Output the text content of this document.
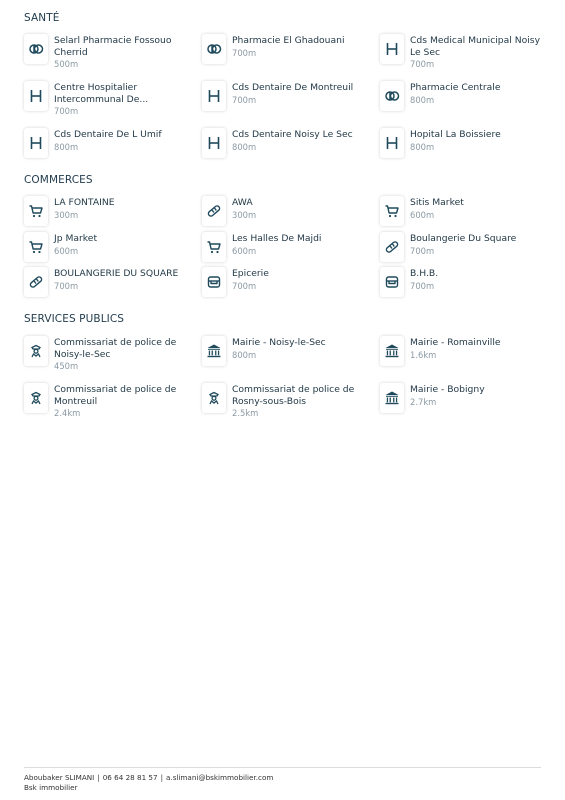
SANTÉ
Selarl Pharmacie Fossouo Cherrid
500m
Pharmacie El Ghadouani
700m
Cds Medical Municipal Noisy Le Sec
700m
Centre Hospitalier Intercommunal De...
700m
Cds Dentaire De Montreuil
700m
Pharmacie Centrale
800m
Cds Dentaire De L Umif
800m
Cds Dentaire Noisy Le Sec
800m
Hopital La Boissiere
800m
COMMERCES
LA FONTAINE
300m
AWA
300m
Sitis Market
600m
Jp Market
600m
Les Halles De Majdi
600m
Boulangerie Du Square
700m
BOULANGERIE DU SQUARE
700m
Epicerie
700m
B.H.B.
700m
SERVICES PUBLICS
Commissariat de police de Noisy-le-Sec
450m
Mairie - Noisy-le-Sec
800m
Mairie - Romainville
1.6km
Commissariat de police de Montreuil
2.4km
Commissariat de police de Rosny-sous-Bois
2.5km
Mairie - Bobigny
2.7km
Aboubaker SLIMANI | 06 64 28 81 57 | a.slimani@bskimmobilier.com
Bsk immobilier
